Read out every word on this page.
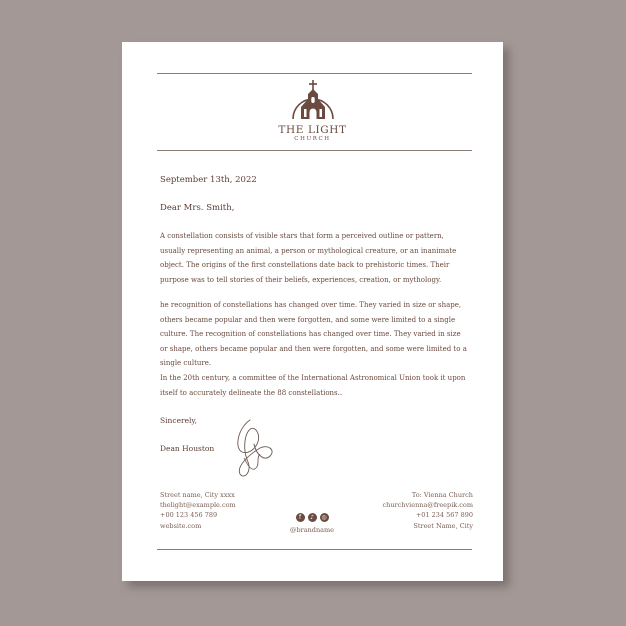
THE LIGHT
CHURCH
September 13th, 2022
Dear Mrs. Smith,
A constellation consists of visible stars that form a perceived outline or pattern, usually representing an animal, a person or mythological creature, or an inanimate object. The origins of the first constellations date back to prehistoric times. Their purpose was to tell stories of their beliefs, experiences, creation, or mythology.
he recognition of constellations has changed over time. They varied in size or shape, others became popular and then were forgotten, and some were limited to a single culture. The recognition of constellations has changed over time. They varied in size or shape, others became popular and then were forgotten, and some were limited to a single culture.
In the 20th century, a committee of the International Astronomical Union took it upon itself to accurately delineate the 88 constellations..
Sincerely,
Dean Houston
Street name, City xxxx
thelight@example.com
+00 123 456 789
website.com
f	♪	◎
@brandname
To: Vienna Church
churchvienna@freepik.com
+01 234 567 890
Street Name, City
